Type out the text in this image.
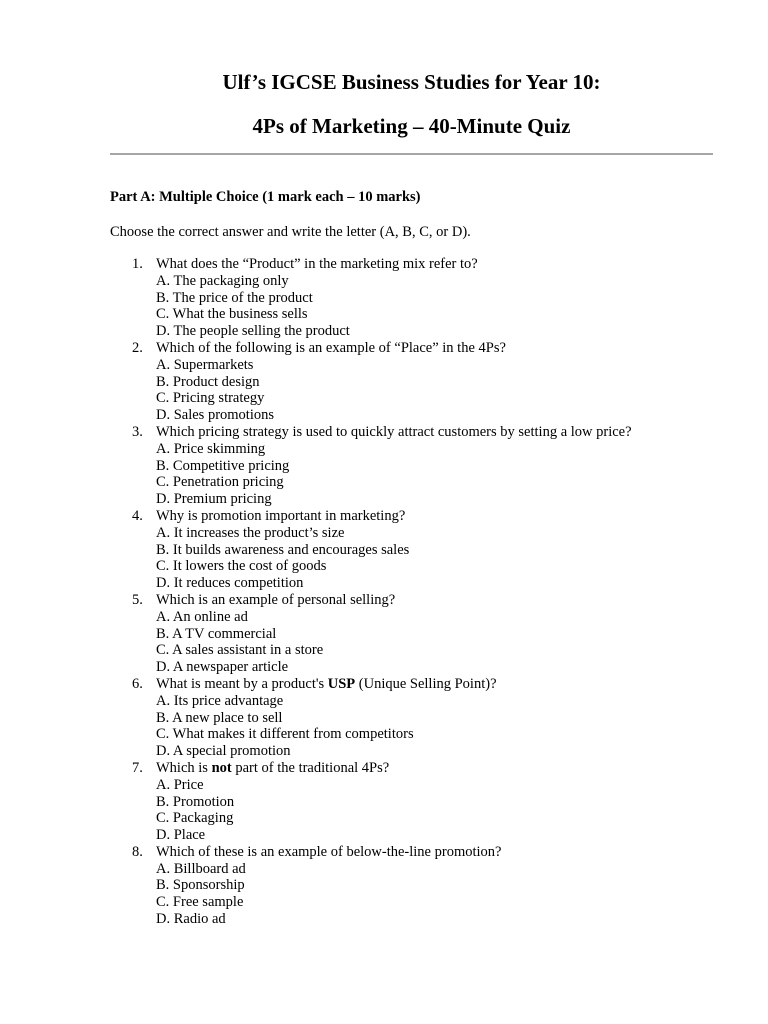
Ulf’s IGCSE Business Studies for Year 10:
4Ps of Marketing – 40-Minute Quiz

Part A: Multiple Choice (1 mark each – 10 marks)

Choose the correct answer and write the letter (A, B, C, or D).

1. What does the “Product” in the marketing mix refer to?
A. The packaging only
B. The price of the product
C. What the business sells
D. The people selling the product
2. Which of the following is an example of “Place” in the 4Ps?
A. Supermarkets
B. Product design
C. Pricing strategy
D. Sales promotions
3. Which pricing strategy is used to quickly attract customers by setting a low price?
A. Price skimming
B. Competitive pricing
C. Penetration pricing
D. Premium pricing
4. Why is promotion important in marketing?
A. It increases the product’s size
B. It builds awareness and encourages sales
C. It lowers the cost of goods
D. It reduces competition
5. Which is an example of personal selling?
A. An online ad
B. A TV commercial
C. A sales assistant in a store
D. A newspaper article
6. What is meant by a product's USP (Unique Selling Point)?
A. Its price advantage
B. A new place to sell
C. What makes it different from competitors
D. A special promotion
7. Which is not part of the traditional 4Ps?
A. Price
B. Promotion
C. Packaging
D. Place
8. Which of these is an example of below-the-line promotion?
A. Billboard ad
B. Sponsorship
C. Free sample
D. Radio ad
